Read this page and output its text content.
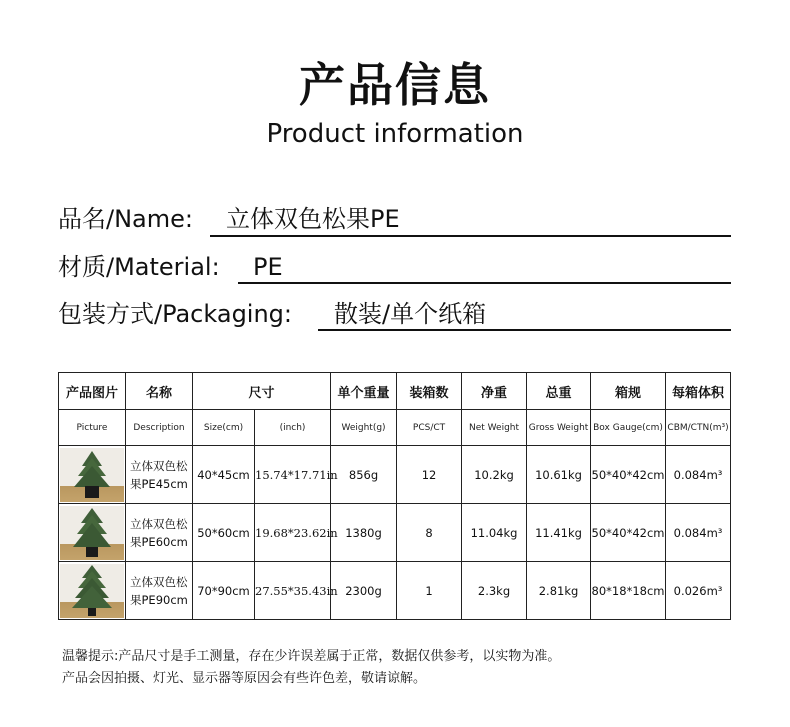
产品信息
Product information
品名/Name: 立体双色松果PE
材质/Material: PE
包装方式/Packaging: 散装/单个纸箱
产品图片	名称	尺寸		单个重量	装箱数	净重	总重	箱规	每箱体积
Picture	Description	Size(cm)	(inch)	Weight(g)	PCS/CT	Net Weight	Gross Weight	Box Gauge(cm)	CBM/CTN(m³)

立体双色松
果PE45cm	40*45cm	15.74*17.71in	856g	12	10.2kg	10.61kg	50*40*42cm	0.084m³

立体双色松
果PE60cm	50*60cm	19.68*23.62in	1380g	8	11.04kg	11.41kg	50*40*42cm	0.084m³

立体双色松
果PE90cm	70*90cm	27.55*35.43in	2300g	1	2.3kg	2.81kg	80*18*18cm	0.026m³
温馨提示:产品尺寸是手工测量，存在少许误差属于正常，数据仅供参考，以实物为准。
产品会因拍摄、灯光、显示器等原因会有些许色差，敬请谅解。
